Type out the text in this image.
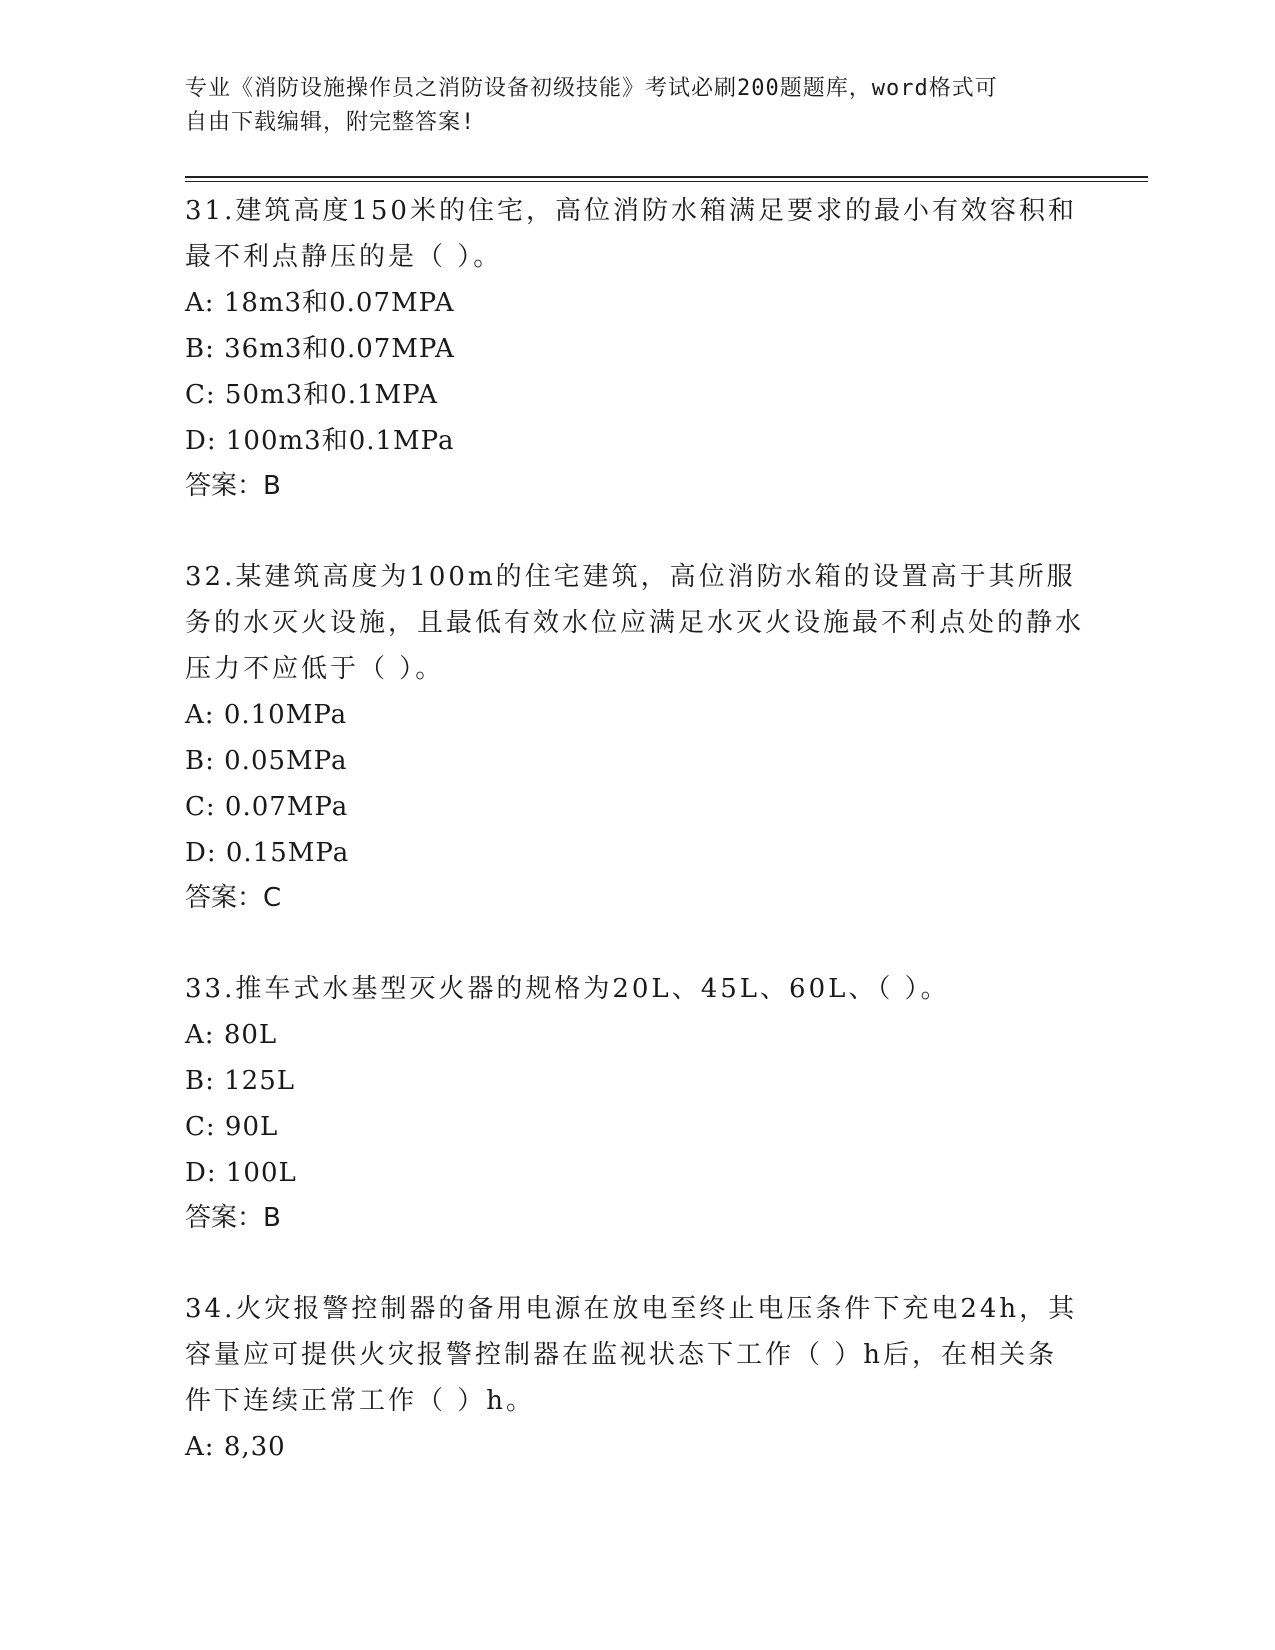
专业《消防设施操作员之消防设备初级技能》考试必刷200题题库，word格式可
自由下载编辑，附完整答案!

31.建筑高度150米的住宅，高位消防水箱满足要求的最小有效容积和最不利点静压的是（ ）。

A:
18m3和0.07MPA

B:
36m3和0.07MPA

C:
50m3和0.1MPA

D:
100m3和0.1MPa

答案：B

32.某建筑高度为100m的住宅建筑，高位消防水箱的设置高于其所服务的水灭火设施，且最低有效水位应满足水灭火设施最不利点处的静水压力不应低于（ ）。

A:
0.10MPa

B:
0.05MPa

C:
0.07MPa

D:
0.15MPa

答案：C

33.推车式水基型灭火器的规格为20L、45L、60L、（ ）。

A:
80L

B:
125L

C:
90L

D:
100L

答案：B

34.火灾报警控制器的备用电源在放电至终止电压条件下充电24h，其容量应可提供火灾报警控制器在监视状态下工作（ ）h后，在相关条件下连续正常工作（ ）h。

A:
8,30
